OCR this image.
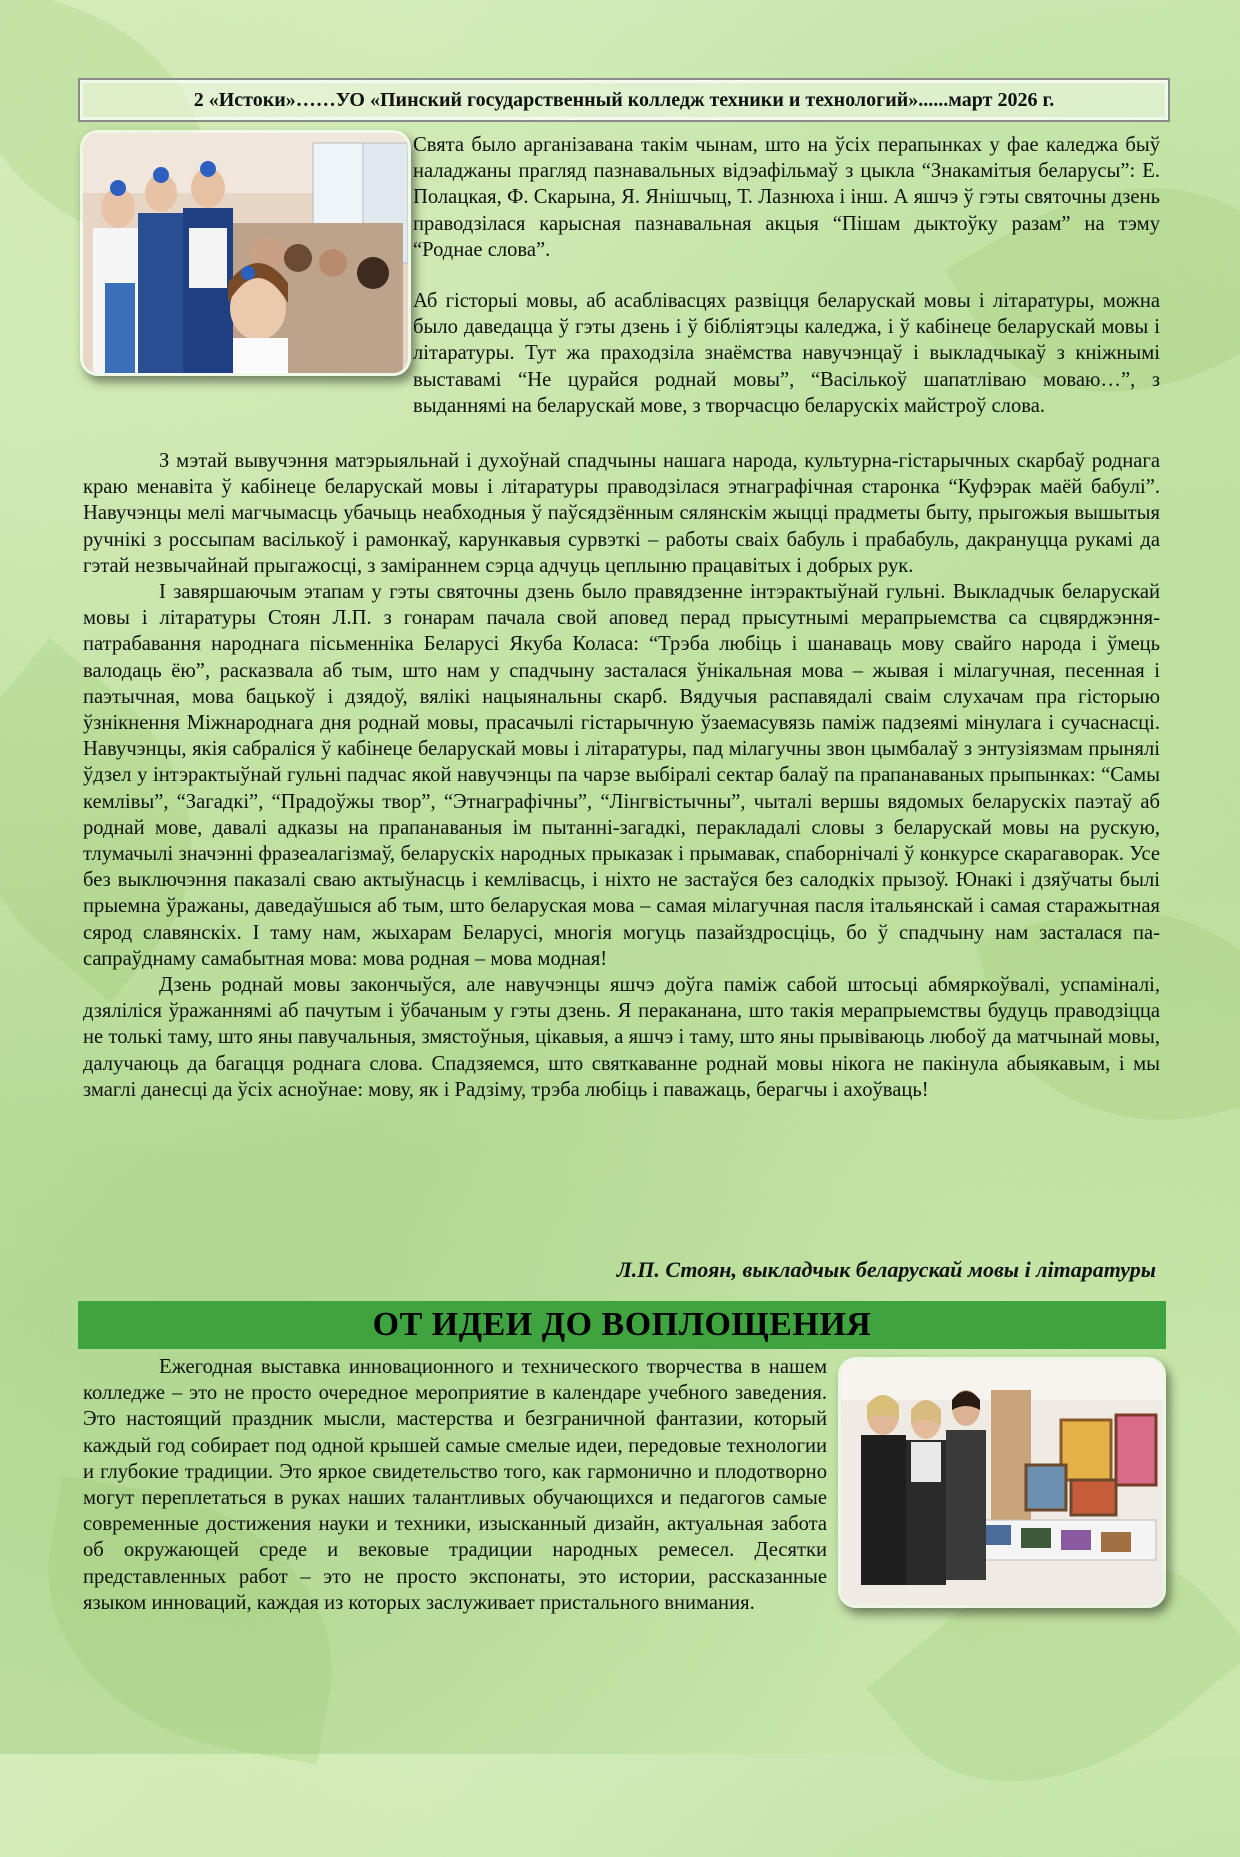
2 «Истоки»……УО «Пинский государственный колледж техники и технологий»......март 2026 г.

Свята было арганізавана такім чынам, што на ўсіх перапынках у фае каледжа быў наладжаны прагляд пазнавальных відэафільмаў з цыкла “Знакамітыя беларусы”: Е. Полацкая, Ф. Скарына, Я. Янішчыц, Т. Лазнюха і інш. А яшчэ ў гэты святочны дзень праводзілася карысная пазнавальная акцыя “Пішам дыктоўку разам” на тэму “Роднае слова”.

Аб гісторыі мовы, аб асаблівасцях развіцця беларускай мовы і літаратуры, можна было даведацца ў гэты дзень і ў бібліятэцы каледжа, і ў кабінеце беларускай мовы і літаратуры. Тут жа праходзіла знаёмства навучэнцаў і выкладчыкаў з кніжнымі выставамі “Не цурайся роднай мовы”, “Васількоў шапатліваю моваю…”, з выданнямі на беларускай мове, з творчасцю беларускіх майстроў слова.

З мэтай вывучэння матэрыяльнай і духоўнай спадчыны нашага народа, культурна-гістарычных скарбаў роднага краю менавіта ў кабінеце беларускай мовы і літаратуры праводзілася этнаграфічная старонка “Куфэрак маёй бабулі”. Навучэнцы мелі магчымасць убачыць неабходныя ў паўсядзённым сялянскім жыцці прадметы быту, прыгожыя вышытыя ручнікі з россыпам васількоў і рамонкаў, карункавыя сурвэткі – работы сваіх бабуль і прабабуль, дакрануцца рукамі да гэтай незвычайнай прыгажосці, з заміраннем сэрца адчуць цеплыню працавітых і добрых рук.

І завяршаючым этапам у гэты святочны дзень было правядзенне інтэрактыўнай гульні. Выкладчык беларускай мовы і літаратуры Стоян Л.П. з гонарам пачала свой аповед перад прысутнымі мерапрыемства са сцвярджэння-патрабавання народнага пісьменніка Беларусі Якуба Коласа: “Трэба любіць і шанаваць мову свайго народа і ўмець валодаць ёю”, расказвала аб тым, што нам у спадчыну засталася ўнікальная мова – жывая і мілагучная, песенная і паэтычная, мова бацькоў і дзядоў, вялікі нацыянальны скарб. Вядучыя распавядалі сваім слухачам пра гісторыю ўзнікнення Міжнароднага дня роднай мовы, прасачылі гістарычную ўзаемасувязь паміж падзеямі мінулага і сучаснасці. Навучэнцы, якія сабраліся ў кабінеце беларускай мовы і літаратуры, пад мілагучны звон цымбалаў з энтузіязмам прынялі ўдзел у інтэрактыўнай гульні падчас якой навучэнцы па чарзе выбіралі сектар балаў па прапанаваных прыпынках: “Самы кемлівы”, “Загадкі”, “Прадоўжы твор”, “Этнаграфічны”, “Лінгвістычны”, чыталі вершы вядомых беларускіх паэтаў аб роднай мове, давалі адказы на прапанаваныя ім пытанні-загадкі, перакладалі словы з беларускай мовы на рускую, тлумачылі значэнні фразеалагізмаў, беларускіх народных прыказак і прымавак, спаборнічалі ў конкурсе скарагаворак. Усе без выключэння паказалі сваю актыўнасць і кемлівасць, і ніхто не застаўся без салодкіх прызоў. Юнакі і дзяўчаты былі прыемна ўражаны, даведаўшыся аб тым, што беларуская мова – самая мілагучная пасля італьянскай і самая старажытная сярод славянскіх. І таму нам, жыхарам Беларусі, многія могуць пазайздросціць, бо ў спадчыну нам засталася па-сапраўднаму самабытная мова: мова родная – мова модная!

Дзень роднай мовы закончыўся, але навучэнцы яшчэ доўга паміж сабой штосьці абмяркоўвалі, успаміналі, дзяліліся ўражаннямі аб пачутым і ўбачаным у гэты дзень. Я перакананa, што такія мерапрыемствы будуць праводзіцца не толькі таму, што яны павучальныя, змястоўныя, цікавыя, а яшчэ і таму, што яны прывіваюць любоў да матчынай мовы, далучаюць да багацця роднага слова. Спадзяемся, што святкаванне роднай мовы нікога не пакінула абыякавым, і мы змаглі данесці да ўсіх асноўнае: мову, як і Радзіму, трэба любіць і паважаць, берагчы і ахоўваць!

Л.П. Стоян, выкладчык беларускай мовы і літаратуры
ОТ ИДЕИ ДО ВОПЛОЩЕНИЯ

Ежегодная выставка инновационного и технического творчества в нашем колледже – это не просто очередное мероприятие в календаре учебного заведения. Это настоящий праздник мысли, мастерства и безграничной фантазии, который каждый год собирает под одной крышей самые смелые идеи, передовые технологии и глубокие традиции. Это яркое свидетельство того, как гармонично и плодотворно могут переплетаться в руках наших талантливых обучающихся и педагогов самые современные достижения науки и техники, изысканный дизайн, актуальная забота об окружающей среде и вековые традиции народных ремесел. Десятки представленных работ – это не просто экспонаты, это истории, рассказанные языком инноваций, каждая из которых заслуживает пристального внимания.
